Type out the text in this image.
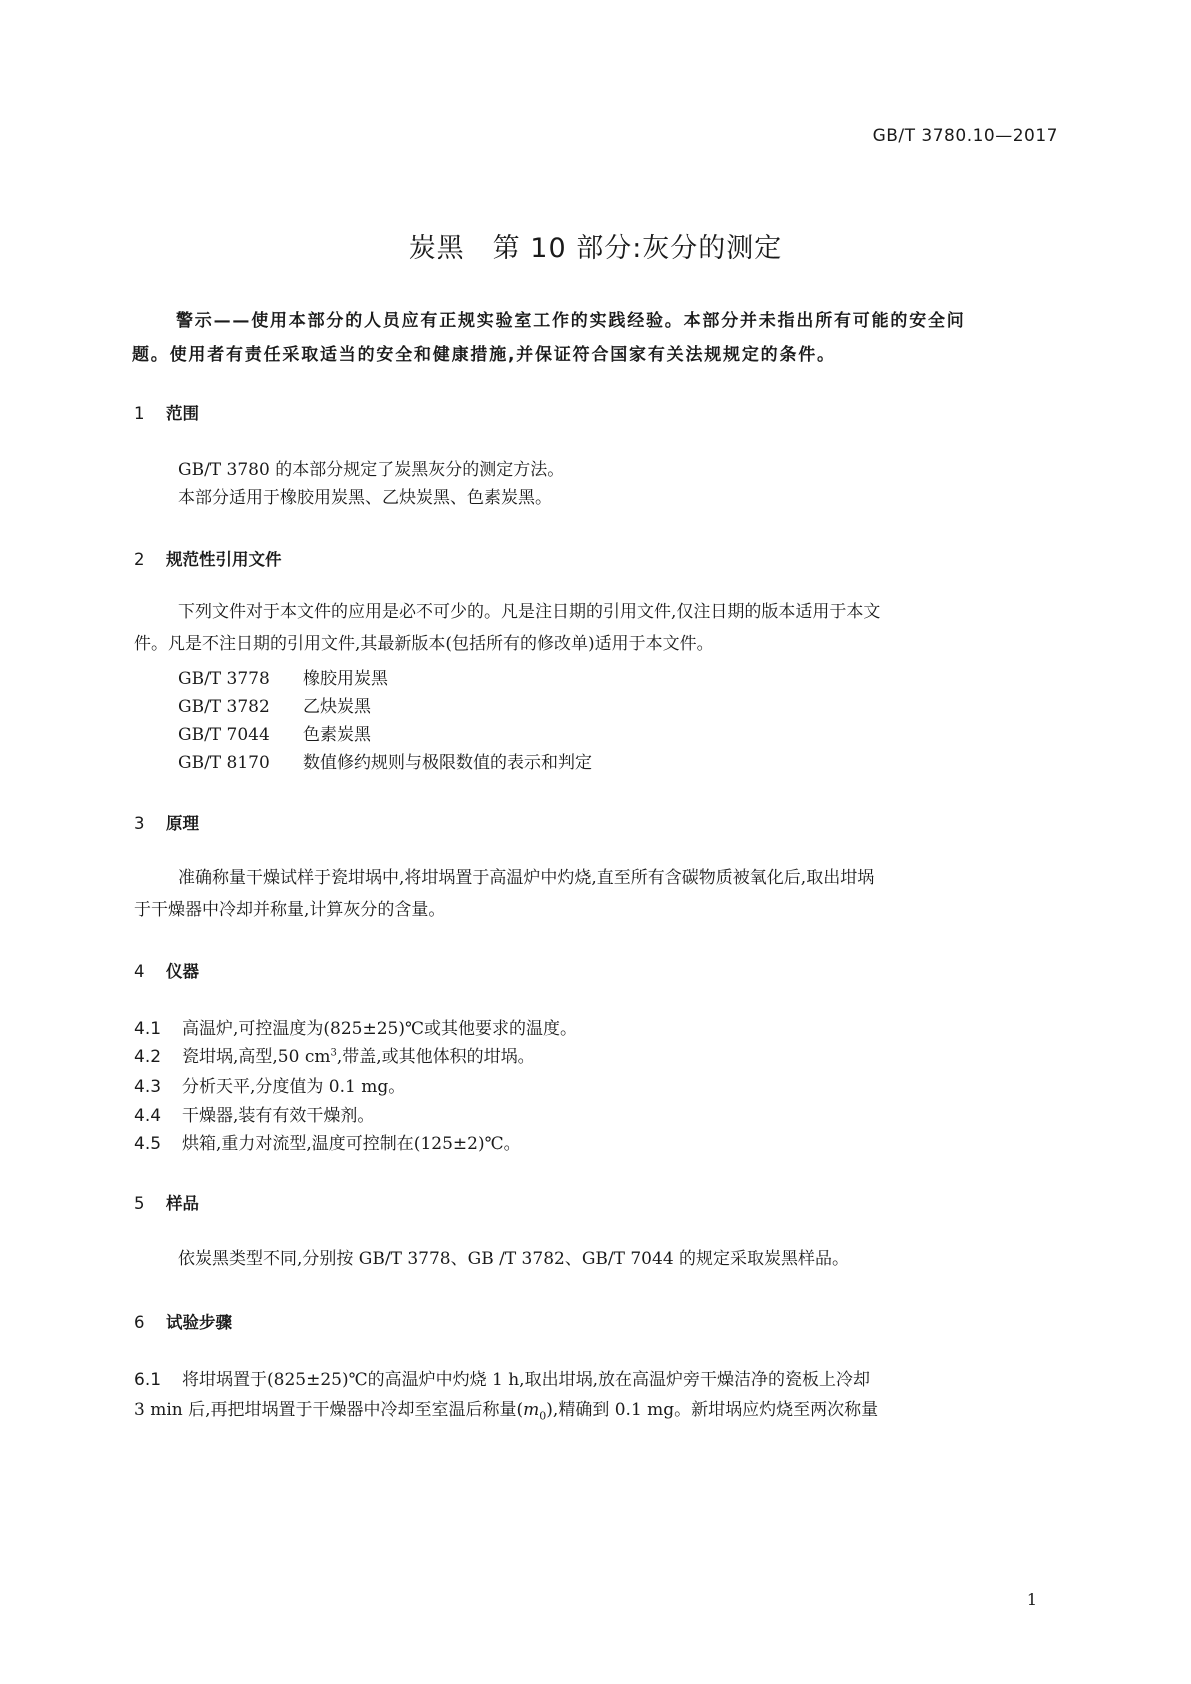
GB/T 3780.10—2017
炭黑　第 10 部分:灰分的测定

警示——使用本部分的人员应有正规实验室工作的实践经验。本部分并未指出所有可能的安全问

题。使用者有责任采取适当的安全和健康措施,并保证符合国家有关法规规定的条件。

1 范围
GB/T 3780 的本部分规定了炭黑灰分的测定方法。
本部分适用于橡胶用炭黑、乙炔炭黑、色素炭黑。
2 规范性引用文件

下列文件对于本文件的应用是必不可少的。凡是注日期的引用文件,仅注日期的版本适用于本文

件。凡是不注日期的引用文件,其最新版本(包括所有的修改单)适用于本文件。

GB/T 3778 橡胶用炭黑
GB/T 3782 乙炔炭黑
GB/T 7044 色素炭黑
GB/T 8170 数值修约规则与极限数值的表示和判定
3 原理

准确称量干燥试样于瓷坩埚中,将坩埚置于高温炉中灼烧,直至所有含碳物质被氧化后,取出坩埚

于干燥器中冷却并称量,计算灰分的含量。

4 仪器
4.1 高温炉,可控温度为(825±25)℃或其他要求的温度。
4.2 瓷坩埚,高型,50 $cm^3$,带盖,或其他体积的坩埚。
4.3 分析天平,分度值为 0.1 mg。
4.4 干燥器,装有有效干燥剂。
4.5 烘箱,重力对流型,温度可控制在(125±2)℃。
5 样品
依炭黑类型不同,分别按 GB/T 3778、GB /T 3782、GB/T 7044 的规定采取炭黑样品。
6 试验步骤
6.1 将坩埚置于(825±25)℃的高温炉中灼烧 1 h,取出坩埚,放在高温炉旁干燥洁净的瓷板上冷却
3 min 后,再把坩埚置于干燥器中冷却至室温后称量$(m_0)$,精确到 0.1 mg。新坩埚应灼烧至两次称量
1
